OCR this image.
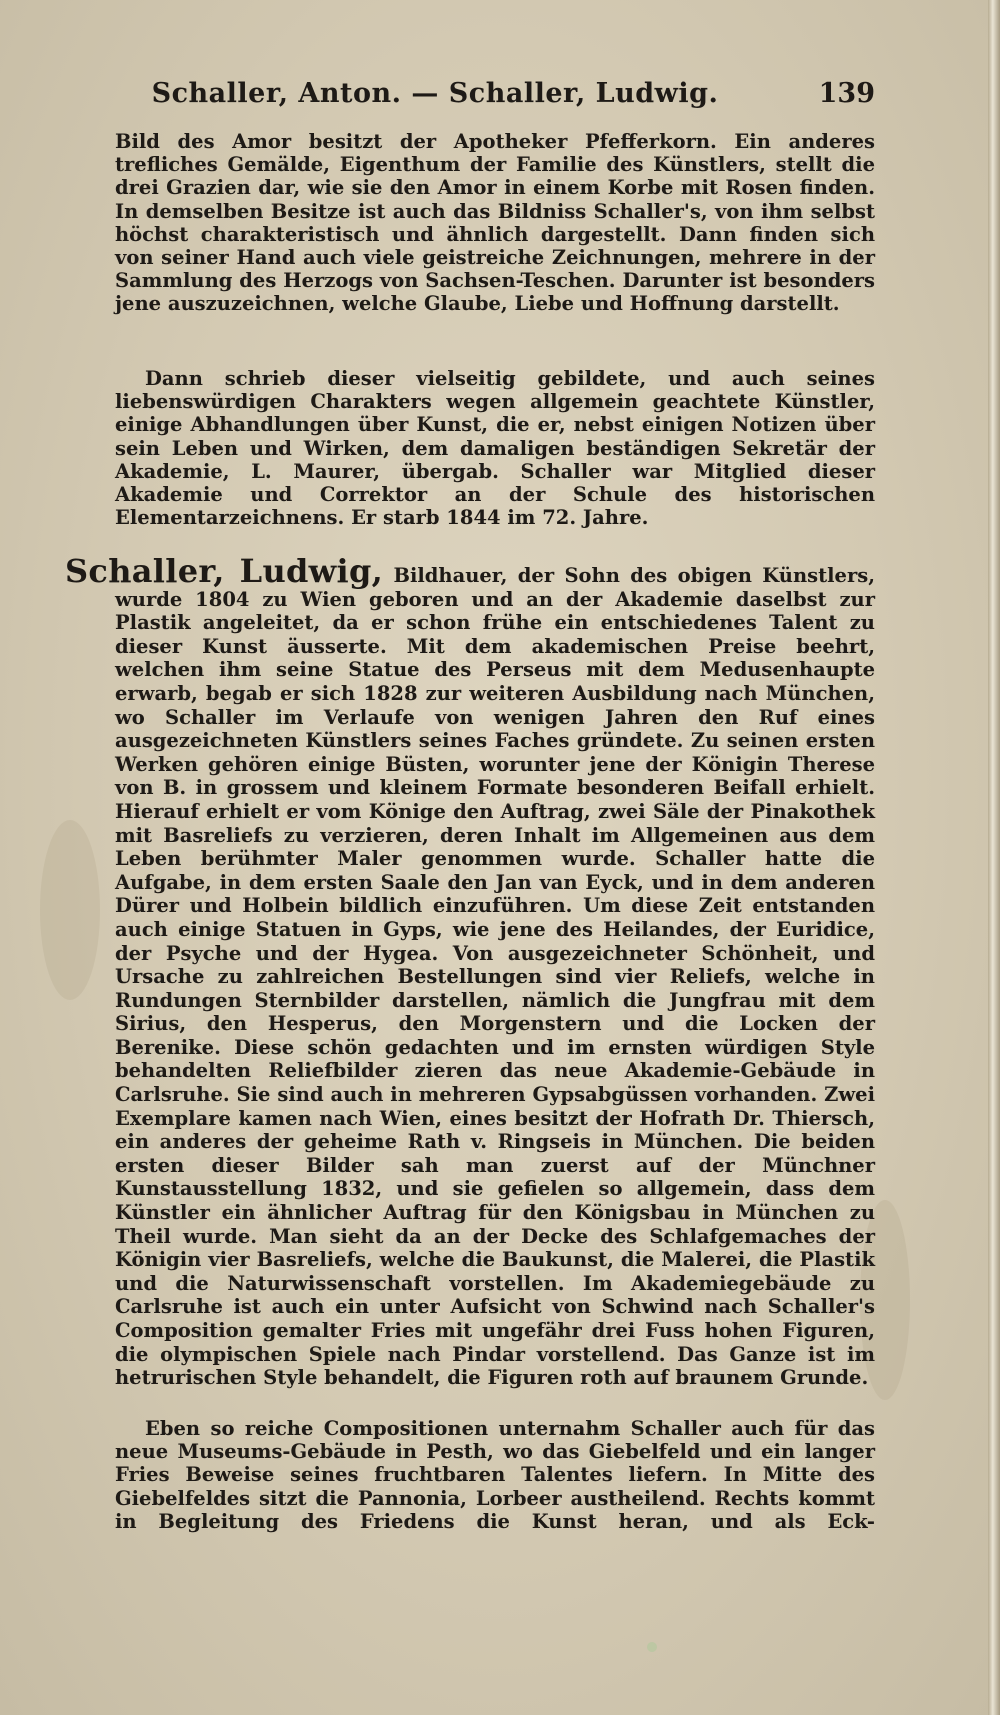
Schaller, Anton. — Schaller, Ludwig.	139

Bild des Amor besitzt der Apotheker Pfefferkorn. Ein anderes trefliches Gemälde, Eigenthum der Familie des Künstlers, stellt die drei Grazien dar, wie sie den Amor in einem Korbe mit Rosen finden. In demselben Besitze ist auch das Bildniss Schaller's, von ihm selbst höchst charakteristisch und ähnlich dargestellt. Dann finden sich von seiner Hand auch viele geistreiche Zeichnungen, mehrere in der Sammlung des Herzogs von Sachsen-Teschen. Darunter ist besonders jene auszuzeichnen, welche Glaube, Liebe und Hoffnung darstellt.

Dann schrieb dieser vielseitig gebildete, und auch seines liebenswürdigen Charakters wegen allgemein geachtete Künstler, einige Abhandlungen über Kunst, die er, nebst einigen Notizen über sein Leben und Wirken, dem damaligen beständigen Sekretär der Akademie, L. Maurer, übergab. Schaller war Mitglied dieser Akademie und Correktor an der Schule des historischen Elementarzeichnens. Er starb 1844 im 72. Jahre.

Schaller, Ludwig, Bildhauer, der Sohn des obigen Künstlers, wurde 1804 zu Wien geboren und an der Akademie daselbst zur Plastik angeleitet, da er schon frühe ein entschiedenes Talent zu dieser Kunst äusserte. Mit dem akademischen Preise beehrt, welchen ihm seine Statue des Perseus mit dem Medusenhaupte erwarb, begab er sich 1828 zur weiteren Ausbildung nach München, wo Schaller im Verlaufe von wenigen Jahren den Ruf eines ausgezeichneten Künstlers seines Faches gründete. Zu seinen ersten Werken gehören einige Büsten, worunter jene der Königin Therese von B. in grossem und kleinem Formate besonderen Beifall erhielt. Hierauf erhielt er vom Könige den Auftrag, zwei Säle der Pinakothek mit Basreliefs zu verzieren, deren Inhalt im Allgemeinen aus dem Leben berühmter Maler genommen wurde. Schaller hatte die Aufgabe, in dem ersten Saale den Jan van Eyck, und in dem anderen Dürer und Holbein bildlich einzuführen. Um diese Zeit entstanden auch einige Statuen in Gyps, wie jene des Heilandes, der Euridice, der Psyche und der Hygea. Von ausgezeichneter Schönheit, und Ursache zu zahlreichen Bestellungen sind vier Reliefs, welche in Rundungen Sternbilder darstellen, nämlich die Jungfrau mit dem Sirius, den Hesperus, den Morgenstern und die Locken der Berenike. Diese schön gedachten und im ernsten würdigen Style behandelten Reliefbilder zieren das neue Akademie-Gebäude in Carlsruhe. Sie sind auch in mehreren Gypsabgüssen vorhanden. Zwei Exemplare kamen nach Wien, eines besitzt der Hofrath Dr. Thiersch, ein anderes der geheime Rath v. Ringseis in München. Die beiden ersten dieser Bilder sah man zuerst auf der Münchner Kunstausstellung 1832, und sie gefielen so allgemein, dass dem Künstler ein ähnlicher Auftrag für den Königsbau in München zu Theil wurde. Man sieht da an der Decke des Schlafgemaches der Königin vier Basreliefs, welche die Baukunst, die Malerei, die Plastik und die Naturwissenschaft vorstellen. Im Akademiegebäude zu Carlsruhe ist auch ein unter Aufsicht von Schwind nach Schaller's Composition gemalter Fries mit ungefähr drei Fuss hohen Figuren, die olympischen Spiele nach Pindar vorstellend. Das Ganze ist im hetrurischen Style behandelt, die Figuren roth auf braunem Grunde.

Eben so reiche Compositionen unternahm Schaller auch für das neue Museums-Gebäude in Pesth, wo das Giebelfeld und ein langer Fries Beweise seines fruchtbaren Talentes liefern. In Mitte des Giebelfeldes sitzt die Pannonia, Lorbeer austheilend. Rechts kommt in Begleitung des Friedens die Kunst heran, und als Eck-
